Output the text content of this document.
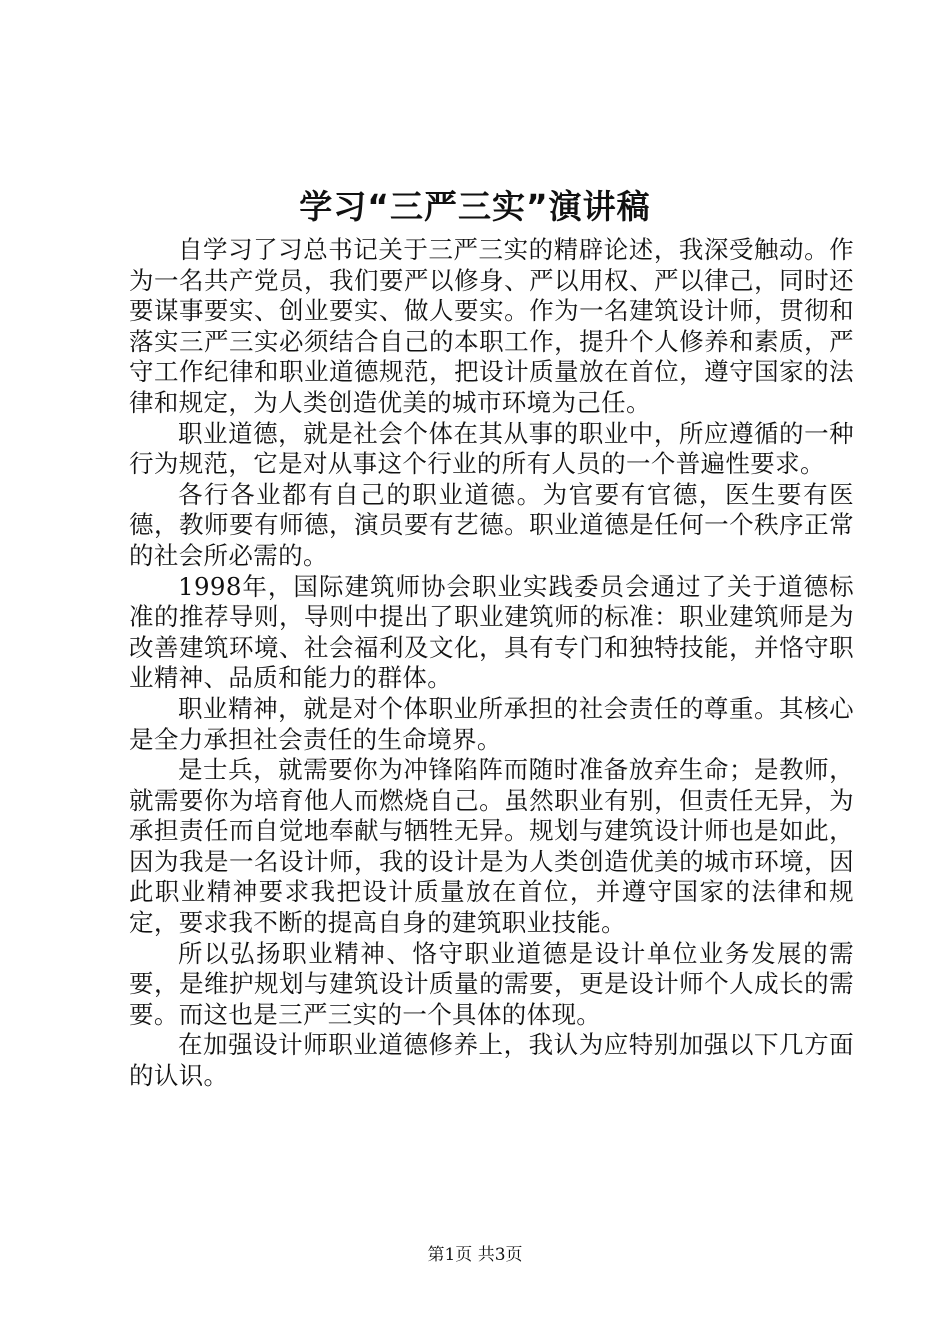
学习“三严三实”演讲稿

自学习了习总书记关于三严三实的精辟论述，我深受触动。作为一名共产党员，我们要严以修身、严以用权、严以律己，同时还要谋事要实、创业要实、做人要实。作为一名建筑设计师，贯彻和落实三严三实必须结合自己的本职工作，提升个人修养和素质，严守工作纪律和职业道德规范，把设计质量放在首位，遵守国家的法律和规定，为人类创造优美的城市环境为己任。

职业道德，就是社会个体在其从事的职业中，所应遵循的一种行为规范，它是对从事这个行业的所有人员的一个普遍性要求。

各行各业都有自己的职业道德。为官要有官德，医生要有医德，教师要有师德，演员要有艺德。职业道德是任何一个秩序正常的社会所必需的。

1998年，国际建筑师协会职业实践委员会通过了关于道德标准的推荐导则，导则中提出了职业建筑师的标准：职业建筑师是为改善建筑环境、社会福利及文化，具有专门和独特技能，并恪守职业精神、品质和能力的群体。

职业精神，就是对个体职业所承担的社会责任的尊重。其核心是全力承担社会责任的生命境界。

是士兵，就需要你为冲锋陷阵而随时准备放弃生命；是教师，就需要你为培育他人而燃烧自己。虽然职业有别，但责任无异，为承担责任而自觉地奉献与牺牲无异。规划与建筑设计师也是如此，因为我是一名设计师，我的设计是为人类创造优美的城市环境，因此职业精神要求我把设计质量放在首位，并遵守国家的法律和规定，要求我不断的提高自身的建筑职业技能。

所以弘扬职业精神、恪守职业道德是设计单位业务发展的需要，是维护规划与建筑设计质量的需要，更是设计师个人成长的需要。而这也是三严三实的一个具体的体现。

在加强设计师职业道德修养上，我认为应特别加强以下几方面的认识。

第1页 共3页
